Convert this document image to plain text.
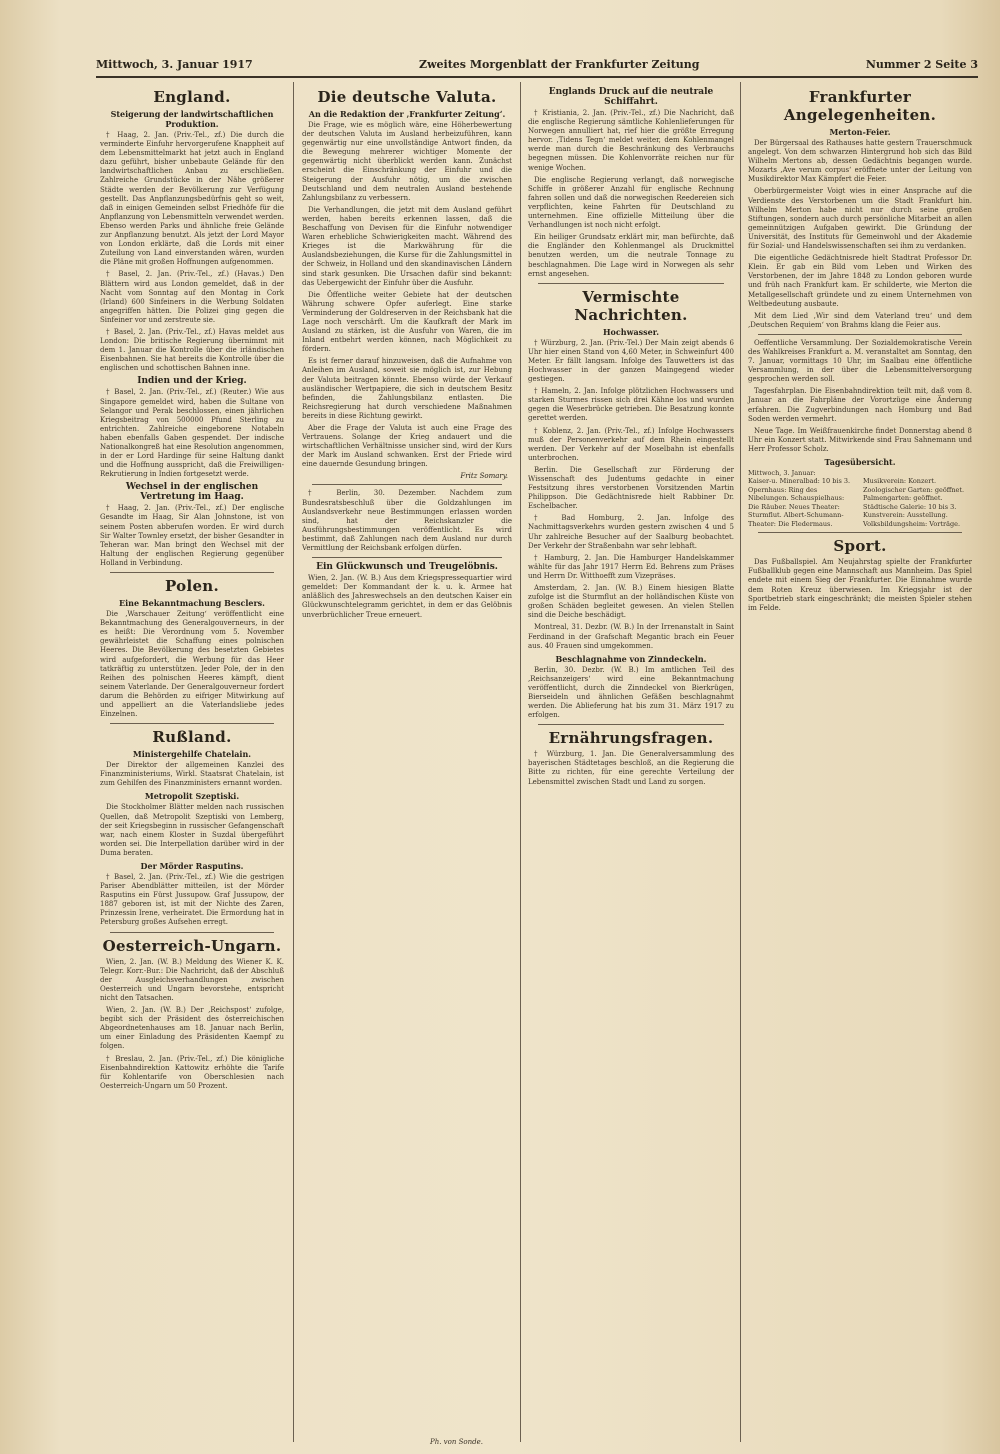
Mittwoch, 3. Januar 1917	Zweites Morgenblatt der Frankfurter Zeitung	Nummer 2 Seite 3
England.
Steigerung der landwirtschaftlichen Produktion.

† Haag, 2. Jan. (Priv.-Tel., zf.) Die durch die verminderte Einfuhr hervorgerufene Knappheit auf dem Lebensmittelmarkt hat jetzt auch in England dazu geführt, bisher unbebaute Gelände für den landwirtschaftlichen Anbau zu erschließen. Zahlreiche Grundstücke in der Nähe größerer Städte werden der Bevölkerung zur Verfügung gestellt. Das Anpflanzungsbedürfnis geht so weit, daß in einigen Gemeinden selbst Friedhöfe für die Anpflanzung von Lebensmitteln verwendet werden. Ebenso werden Parks und ähnliche freie Gelände zur Anpflanzung benutzt. Als jetzt der Lord Mayor von London erklärte, daß die Lords mit einer Zuteilung von Land einverstanden wären, wurden die Pläne mit großen Hoffnungen aufgenommen.

† Basel, 2. Jan. (Priv.-Tel., zf.) (Havas.) Den Blättern wird aus London gemeldet, daß in der Nacht vom Sonntag auf den Montag in Cork (Irland) 600 Sinfeiners in die Werbung Soldaten angegriffen hätten. Die Polizei ging gegen die Sinfeiner vor und zerstreute sie.

† Basel, 2. Jan. (Priv.-Tel., zf.) Havas meldet aus London: Die britische Regierung übernimmt mit dem 1. Januar die Kontrolle über die irländischen Eisenbahnen. Sie hat bereits die Kontrolle über die englischen und schottischen Bahnen inne.

Indien und der Krieg.

† Basel, 2. Jan. (Priv.-Tel., zf.) (Reuter.) Wie aus Singapore gemeldet wird, haben die Sultane von Selangor und Perak beschlossen, einen jährlichen Kriegsbeitrag von 500000 Pfund Sterling zu entrichten. Zahlreiche eingeborene Notabeln haben ebenfalls Gaben gespendet. Der indische Nationalkongreß hat eine Resolution angenommen, in der er Lord Hardinge für seine Haltung dankt und die Hoffnung ausspricht, daß die Freiwilligen-Rekrutierung in Indien fortgesetzt werde.

Wechsel in der englischen Vertretung im Haag.

† Haag, 2. Jan. (Priv.-Tel., zf.) Der englische Gesandte im Haag, Sir Alan Johnstone, ist von seinem Posten abberufen worden. Er wird durch Sir Walter Townley ersetzt, der bisher Gesandter in Teheran war. Man bringt den Wechsel mit der Haltung der englischen Regierung gegenüber Holland in Verbindung.

Polen.
Eine Bekanntmachung Besclers.

Die ‚Warschauer Zeitung‘ veröffentlicht eine Bekanntmachung des Generalgouverneurs, in der es heißt: Die Verordnung vom 5. November gewährleistet die Schaffung eines polnischen Heeres. Die Bevölkerung des besetzten Gebietes wird aufgefordert, die Werbung für das Heer tatkräftig zu unterstützen. Jeder Pole, der in den Reihen des polnischen Heeres kämpft, dient seinem Vaterlande. Der Generalgouverneur fordert darum die Behörden zu eifriger Mitwirkung auf und appelliert an die Vaterlandsliebe jedes Einzelnen.

Rußland.
Ministergehilfe Chatelain.

Der Direktor der allgemeinen Kanzlei des Finanzministeriums, Wirkl. Staatsrat Chatelain, ist zum Gehilfen des Finanzministers ernannt worden.

Metropolit Szeptiski.

Die Stockholmer Blätter melden nach russischen Quellen, daß Metropolit Szeptiski von Lemberg, der seit Kriegsbeginn in russischer Gefangenschaft war, nach einem Kloster in Suzdal übergeführt worden sei. Die Interpellation darüber wird in der Duma beraten.

Der Mörder Rasputins.

† Basel, 2. Jan. (Priv.-Tel., zf.) Wie die gestrigen Pariser Abendblätter mitteilen, ist der Mörder Rasputins ein Fürst Jussupow. Graf Jussupow, der 1887 geboren ist, ist mit der Nichte des Zaren, Prinzessin Irene, verheiratet. Die Ermordung hat in Petersburg großes Aufsehen erregt.

Oesterreich-Ungarn.

Wien, 2. Jan. (W. B.) Meldung des Wiener K. K. Telegr. Korr.-Bur.: Die Nachricht, daß der Abschluß der Ausgleichsverhandlungen zwischen Oesterreich und Ungarn bevorstehe, entspricht nicht den Tatsachen.

Wien, 2. Jan. (W. B.) Der ‚Reichspost‘ zufolge, begibt sich der Präsident des österreichischen Abgeordnetenhauses am 18. Januar nach Berlin, um einer Einladung des Präsidenten Kaempf zu folgen.

† Breslau, 2. Jan. (Priv.-Tel., zf.) Die königliche Eisenbahndirektion Kattowitz erhöhte die Tarife für Kohlentarife von Oberschlesien nach Oesterreich-Ungarn um 50 Prozent.

Die deutsche Valuta.
An die Redaktion der ‚Frankfurter Zeitung‘.

Die Frage, wie es möglich wäre, eine Höherbewertung der deutschen Valuta im Ausland herbeizuführen, kann gegenwärtig nur eine unvollständige Antwort finden, da die Bewegung mehrerer wichtiger Momente der gegenwärtig nicht überblickt werden kann. Zunächst erscheint die Einschränkung der Einfuhr und die Steigerung der Ausfuhr nötig, um die zwischen Deutschland und dem neutralen Ausland bestehende Zahlungsbilanz zu verbessern.

Die Verhandlungen, die jetzt mit dem Ausland geführt werden, haben bereits erkennen lassen, daß die Beschaffung von Devisen für die Einfuhr notwendiger Waren erhebliche Schwierigkeiten macht. Während des Krieges ist die Markwährung für die Auslandsbeziehungen, die Kurse für die Zahlungsmittel in der Schweiz, in Holland und den skandinavischen Ländern sind stark gesunken. Die Ursachen dafür sind bekannt: das Uebergewicht der Einfuhr über die Ausfuhr.

Die Öffentliche weiter Gebiete hat der deutschen Währung schwere Opfer auferlegt. Eine starke Verminderung der Goldreserven in der Reichsbank hat die Lage noch verschärft. Um die Kaufkraft der Mark im Ausland zu stärken, ist die Ausfuhr von Waren, die im Inland entbehrt werden können, nach Möglichkeit zu fördern.

Es ist ferner darauf hinzuweisen, daß die Aufnahme von Anleihen im Ausland, soweit sie möglich ist, zur Hebung der Valuta beitragen könnte. Ebenso würde der Verkauf ausländischer Wertpapiere, die sich in deutschem Besitz befinden, die Zahlungsbilanz entlasten. Die Reichsregierung hat durch verschiedene Maßnahmen bereits in diese Richtung gewirkt.

Aber die Frage der Valuta ist auch eine Frage des Vertrauens. Solange der Krieg andauert und die wirtschaftlichen Verhältnisse unsicher sind, wird der Kurs der Mark im Ausland schwanken. Erst der Friede wird eine dauernde Gesundung bringen.

Fritz Somary.

† Berlin, 30. Dezember. Nachdem zum Bundesratsbeschluß über die Goldzahlungen im Auslandsverkehr neue Bestimmungen erlassen worden sind, hat der Reichskanzler die Ausführungsbestimmungen veröffentlicht. Es wird bestimmt, daß Zahlungen nach dem Ausland nur durch Vermittlung der Reichsbank erfolgen dürfen.

Ein Glückwunsch und Treugelöbnis.

Wien, 2. Jan. (W. B.) Aus dem Kriegspressequartier wird gemeldet: Der Kommandant der k. u. k. Armee hat anläßlich des Jahreswechsels an den deutschen Kaiser ein Glückwunschtelegramm gerichtet, in dem er das Gelöbnis unverbrüchlicher Treue erneuert.

Englands Druck auf die neutrale Schiffahrt.

† Kristiania, 2. Jan. (Priv.-Tel., zf.) Die Nachricht, daß die englische Regierung sämtliche Kohlenlieferungen für Norwegen annulliert hat, rief hier die größte Erregung hervor. ‚Tidens Tegn‘ meldet weiter, dem Kohlenmangel werde man durch die Beschränkung des Verbrauchs begegnen müssen. Die Kohlenvorräte reichen nur für wenige Wochen.

Die englische Regierung verlangt, daß norwegische Schiffe in größerer Anzahl für englische Rechnung fahren sollen und daß die norwegischen Reedereien sich verpflichten, keine Fahrten für Deutschland zu unternehmen. Eine offizielle Mitteilung über die Verhandlungen ist noch nicht erfolgt.

Ein heiliger Grundsatz erklärt mir, man befürchte, daß die Engländer den Kohlenmangel als Druckmittel benutzen werden, um die neutrale Tonnage zu beschlagnahmen. Die Lage wird in Norwegen als sehr ernst angesehen.

Vermischte Nachrichten.
Hochwasser.

† Würzburg, 2. Jan. (Priv.-Tel.) Der Main zeigt abends 6 Uhr hier einen Stand von 4,60 Meter, in Schweinfurt 400 Meter. Er fällt langsam. Infolge des Tauwetters ist das Hochwasser in der ganzen Maingegend wieder gestiegen.

† Hameln, 2. Jan. Infolge plötzlichen Hochwassers und starken Sturmes rissen sich drei Kähne los und wurden gegen die Weserbrücke getrieben. Die Besatzung konnte gerettet werden.

† Koblenz, 2. Jan. (Priv.-Tel., zf.) Infolge Hochwassers muß der Personenverkehr auf dem Rhein eingestellt werden. Der Verkehr auf der Moselbahn ist ebenfalls unterbrochen.

Berlin. Die Gesellschaft zur Förderung der Wissenschaft des Judentums gedachte in einer Festsitzung ihres verstorbenen Vorsitzenden Martin Philippson. Die Gedächtnisrede hielt Rabbiner Dr. Eschelbacher.

† Bad Homburg, 2. Jan. Infolge des Nachmittagsverkehrs wurden gestern zwischen 4 und 5 Uhr zahlreiche Besucher auf der Saalburg beobachtet. Der Verkehr der Straßenbahn war sehr lebhaft.

† Hamburg, 2. Jan. Die Hamburger Handelskammer wählte für das Jahr 1917 Herrn Ed. Behrens zum Präses und Herrn Dr. Witthoefft zum Vizepräses.

Amsterdam, 2. Jan. (W. B.) Einem hiesigen Blatte zufolge ist die Sturmflut an der holländischen Küste von großen Schäden begleitet gewesen. An vielen Stellen sind die Deiche beschädigt.

Montreal, 31. Dezbr. (W. B.) In der Irrenanstalt in Saint Ferdinand in der Grafschaft Megantic brach ein Feuer aus. 40 Frauen sind umgekommen.

Beschlagnahme von Zinndeckeln.

Berlin, 30. Dezbr. (W. B.) Im amtlichen Teil des ‚Reichsanzeigers‘ wird eine Bekanntmachung veröffentlicht, durch die Zinndeckel von Bierkrügen, Bierseideln und ähnlichen Gefäßen beschlagnahmt werden. Die Ablieferung hat bis zum 31. März 1917 zu erfolgen.

Ernährungsfragen.

† Würzburg, 1. Jan. Die Generalversammlung des bayerischen Städtetages beschloß, an die Regierung die Bitte zu richten, für eine gerechte Verteilung der Lebensmittel zwischen Stadt und Land zu sorgen.

Frankfurter Angelegenheiten.
Merton-Feier.

Der Bürgersaal des Rathauses hatte gestern Trauerschmuck angelegt. Von dem schwarzen Hintergrund hob sich das Bild Wilhelm Mertons ab, dessen Gedächtnis begangen wurde. Mozarts ‚Ave verum corpus‘ eröffnete unter der Leitung von Musikdirektor Max Kämpfert die Feier.

Oberbürgermeister Voigt wies in einer Ansprache auf die Verdienste des Verstorbenen um die Stadt Frankfurt hin. Wilhelm Merton habe nicht nur durch seine großen Stiftungen, sondern auch durch persönliche Mitarbeit an allen gemeinnützigen Aufgaben gewirkt. Die Gründung der Universität, des Instituts für Gemeinwohl und der Akademie für Sozial- und Handelswissenschaften sei ihm zu verdanken.

Die eigentliche Gedächtnisrede hielt Stadtrat Professor Dr. Klein. Er gab ein Bild vom Leben und Wirken des Verstorbenen, der im Jahre 1848 zu London geboren wurde und früh nach Frankfurt kam. Er schilderte, wie Merton die Metallgesellschaft gründete und zu einem Unternehmen von Weltbedeutung ausbaute.

Mit dem Lied ‚Wir sind dem Vaterland treu‘ und dem ‚Deutschen Requiem‘ von Brahms klang die Feier aus.

Oeffentliche Versammlung. Der Sozialdemokratische Verein des Wahlkreises Frankfurt a. M. veranstaltet am Sonntag, den 7. Januar, vormittags 10 Uhr, im Saalbau eine öffentliche Versammlung, in der über die Lebensmittelversorgung gesprochen werden soll.

Tagesfahrplan. Die Eisenbahndirektion teilt mit, daß vom 8. Januar an die Fahrpläne der Vorortzüge eine Änderung erfahren. Die Zugverbindungen nach Homburg und Bad Soden werden vermehrt.

Neue Tage. Im Weißfrauenkirche findet Donnerstag abend 8 Uhr ein Konzert statt. Mitwirkende sind Frau Sahnemann und Herr Professor Scholz.

Tagesübersicht.
Mittwoch, 3. Januar:
Kaiser-u. Mineralbad: 10 bis 3. Opernhaus: Ring des Nibelungen. Schauspielhaus: Die Räuber. Neues Theater: Sturmflut. Albert-Schumann-Theater: Die Fledermaus.
Musikverein: Konzert. Zoologischer Garten: geöffnet. Palmengarten: geöffnet. Städtische Galerie: 10 bis 3. Kunstverein: Ausstellung. Volksbildungsheim: Vorträge.
Sport.

Das Fußballspiel. Am Neujahrstag spielte der Frankfurter Fußballklub gegen eine Mannschaft aus Mannheim. Das Spiel endete mit einem Sieg der Frankfurter. Die Einnahme wurde dem Roten Kreuz überwiesen. Im Kriegsjahr ist der Sportbetrieb stark eingeschränkt; die meisten Spieler stehen im Felde.

Ph. von Sonde.
